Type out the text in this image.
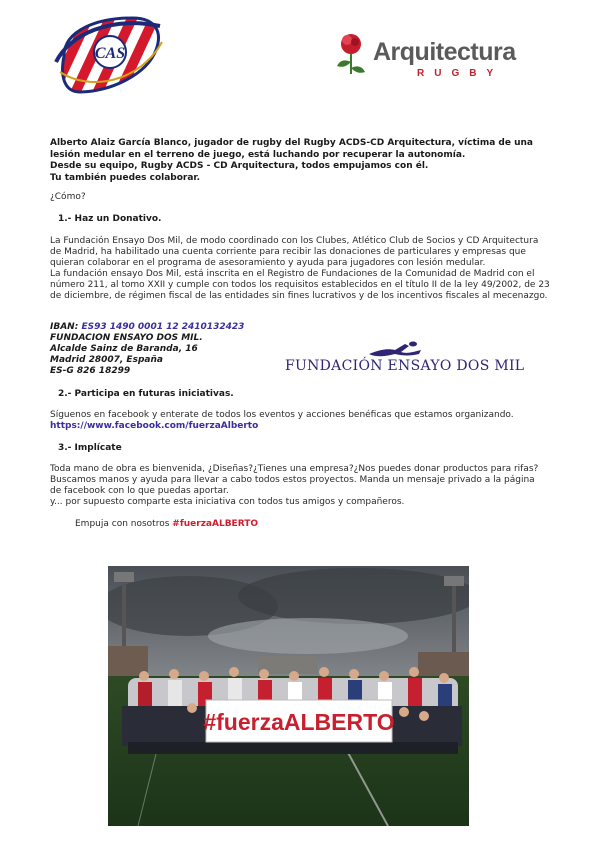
CAS	Arquitectura
RUGBY
Alberto Alaiz García Blanco, jugador de rugby del Rugby ACDS-CD Arquitectura, víctima de una
lesión medular en el terreno de juego, está luchando por recuperar la autonomía.
Desde su equipo, Rugby ACDS - CD Arquitectura, todos empujamos con él.
Tu también puedes colaborar.
¿Cómo?
1.- Haz un Donativo.
La Fundación Ensayo Dos Mil, de modo coordinado con los Clubes, Atlético Club de Socios y CD Arquitectura de Madrid, ha habilitado una cuenta corriente para recibir las donaciones de particulares y empresas que quieran colaborar en el programa de asesoramiento y ayuda para jugadores con lesión medular.
La fundación ensayo Dos Mil, está inscrita en el Registro de Fundaciones de la Comunidad de Madrid con el número 211, al tomo XXII y cumple con todos los requisitos establecidos en el título II de la ley 49/2002, de 23 de diciembre, de régimen fiscal de las entidades sin fines lucrativos y de los incentivos fiscales al mecenazgo.
IBAN: ES93 1490 0001 12 2410132423
FUNDACION ENSAYO DOS MIL.
Alcalde Sainz de Baranda, 16
Madrid 28007, España
ES-G 826 18299	FUNDACIÓN ENSAYO DOS MIL
2.- Participa en futuras iniciativas.
Síguenos en facebook y enterate de todos los eventos y acciones benéficas que estamos organizando.
https://www.facebook.com/fuerzaAlberto
3.- Implícate
Toda mano de obra es bienvenida, ¿Diseñas?¿Tienes una empresa?¿Nos puedes donar productos para rifas?
Buscamos manos y ayuda para llevar a cabo todos estos proyectos. Manda un mensaje privado a la página
de facebook con lo que puedas aportar.
y... por supuesto comparte esta iniciativa con todos tus amigos y compañeros.
Empuja con nosotros #fuerzaALBERTO
#fuerzaALBERTO
